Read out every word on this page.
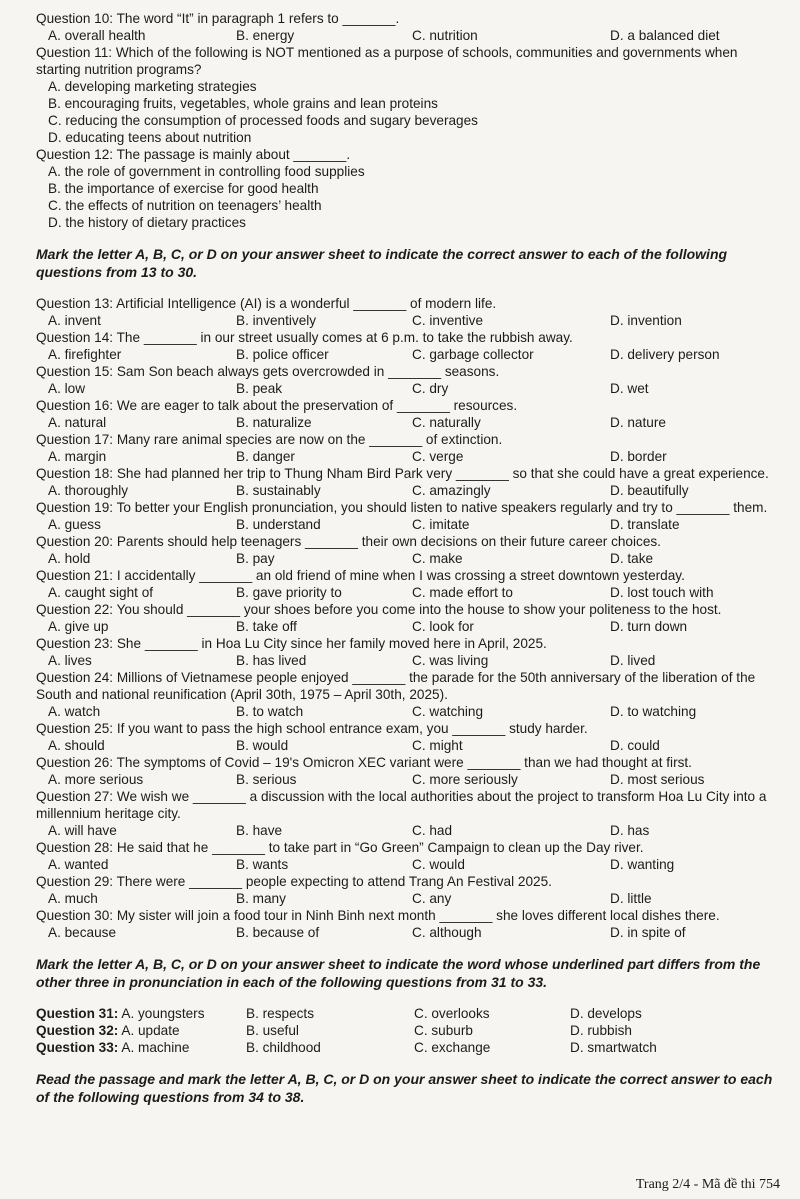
Question 10: The word “It” in paragraph 1 refers to _______.

A. overall health	B. energy	C. nutrition	D. a balanced diet

Question 11: Which of the following is NOT mentioned as a purpose of schools, communities and governments when starting nutrition programs?

A. developing marketing strategies

B. encouraging fruits, vegetables, whole grains and lean proteins

C. reducing the consumption of processed foods and sugary beverages

D. educating teens about nutrition

Question 12: The passage is mainly about _______.

A. the role of government in controlling food supplies

B. the importance of exercise for good health

C. the effects of nutrition on teenagers’ health

D. the history of dietary practices

Mark the letter A, B, C, or D on your answer sheet to indicate the correct answer to each of the following questions from 13 to 30.

Question 13: Artificial Intelligence (AI) is a wonderful _______ of modern life.

A. invent	B. inventively	C. inventive	D. invention

Question 14: The _______ in our street usually comes at 6 p.m. to take the rubbish away.

A. firefighter	B. police officer	C. garbage collector	D. delivery person

Question 15: Sam Son beach always gets overcrowded in _______ seasons.

A. low	B. peak	C. dry	D. wet

Question 16: We are eager to talk about the preservation of _______ resources.

A. natural	B. naturalize	C. naturally	D. nature

Question 17: Many rare animal species are now on the _______ of extinction.

A. margin	B. danger	C. verge	D. border

Question 18: She had planned her trip to Thung Nham Bird Park very _______ so that she could have a great experience.

A. thoroughly	B. sustainably	C. amazingly	D. beautifully

Question 19: To better your English pronunciation, you should listen to native speakers regularly and try to _______ them.

A. guess	B. understand	C. imitate	D. translate

Question 20: Parents should help teenagers _______ their own decisions on their future career choices.

A. hold	B. pay	C. make	D. take

Question 21: I accidentally _______ an old friend of mine when I was crossing a street downtown yesterday.

A. caught sight of	B. gave priority to	C. made effort to	D. lost touch with

Question 22: You should _______ your shoes before you come into the house to show your politeness to the host.

A. give up	B. take off	C. look for	D. turn down

Question 23: She _______ in Hoa Lu City since her family moved here in April, 2025.

A. lives	B. has lived	C. was living	D. lived

Question 24: Millions of Vietnamese people enjoyed _______ the parade for the 50th anniversary of the liberation of the South and national reunification (April 30th, 1975 – April 30th, 2025).

A. watch	B. to watch	C. watching	D. to watching

Question 25: If you want to pass the high school entrance exam, you _______ study harder.

A. should	B. would	C. might	D. could

Question 26: The symptoms of Covid – 19's Omicron XEC variant were _______ than we had thought at first.

A. more serious	B. serious	C. more seriously	D. most serious

Question 27: We wish we _______ a discussion with the local authorities about the project to transform Hoa Lu City into a millennium heritage city.

A. will have	B. have	C. had	D. has

Question 28: He said that he _______ to take part in “Go Green” Campaign to clean up the Day river.

A. wanted	B. wants	C. would	D. wanting

Question 29: There were _______ people expecting to attend Trang An Festival 2025.

A. much	B. many	C. any	D. little

Question 30: My sister will join a food tour in Ninh Binh next month _______ she loves different local dishes there.

A. because	B. because of	C. although	D. in spite of

Mark the letter A, B, C, or D on your answer sheet to indicate the word whose underlined part differs from the other three in pronunciation in each of the following questions from 31 to 33.

Question 31: A. youngsters	B. respects	C. overlooks	D. develops
Question 32: A. update	B. useful	C. suburb	D. rubbish
Question 33: A. machine	B. childhood	C. exchange	D. smartwatch

Read the passage and mark the letter A, B, C, or D on your answer sheet to indicate the correct answer to each of the following questions from 34 to 38.

Trang 2/4 - Mã đề thi 754
